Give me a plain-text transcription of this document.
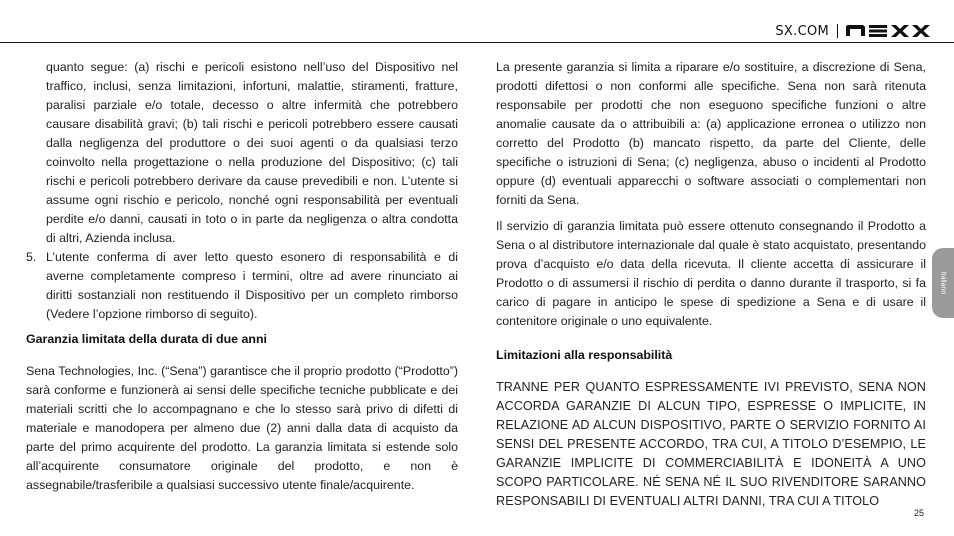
SX.COM

quanto segue: (a) rischi e pericoli esistono nell’uso del Dispositivo nel traffico, inclusi, senza limitazioni, infortuni, malattie, stiramenti, fratture, paralisi parziale e/o totale, decesso o altre infermità che potrebbero causare disabilità gravi; (b) tali rischi e pericoli potrebbero essere causati dalla negligenza del produttore o dei suoi agenti o da qualsiasi terzo coinvolto nella progettazione o nella produzione del Dispositivo; (c) tali rischi e pericoli potrebbero derivare da cause prevedibili e non. L’utente si assume ogni rischio e pericolo, nonché ogni responsabilità per eventuali perdite e/o danni, causati in toto o in parte da negligenza o altra condotta di altri, Azienda inclusa.

5. L’utente conferma di aver letto questo esonero di responsabilità e di averne completamente compreso i termini, oltre ad avere rinunciato ai diritti sostanziali non restituendo il Dispositivo per un completo rimborso (Vedere l’opzione rimborso di seguito).
Garanzia limitata della durata di due anni

Sena Technologies, Inc. (“Sena”) garantisce che il proprio prodotto (“Prodotto”) sarà conforme e funzionerà ai sensi delle specifiche tecniche pubblicate e dei materiali scritti che lo accompagnano e che lo stesso sarà privo di difetti di materiale e manodopera per almeno due (2) anni dalla data di acquisto da parte del primo acquirente del prodotto. La garanzia limitata si estende solo all’acquirente consumatore originale del prodotto, e non è assegnabile/trasferibile a qualsiasi successivo utente finale/acquirente.

La presente garanzia si limita a riparare e/o sostituire, a discrezione di Sena, prodotti difettosi o non conformi alle specifiche. Sena non sarà ritenuta responsabile per prodotti che non eseguono specifiche funzioni o altre anomalie causate da o attribuibili a: (a) applicazione erronea o utilizzo non corretto del Prodotto (b) mancato rispetto, da parte del Cliente, delle specifiche o istruzioni di Sena; (c) negligenza, abuso o incidenti al Prodotto oppure (d) eventuali apparecchi o software associati o complementari non forniti da Sena.

Il servizio di garanzia limitata può essere ottenuto consegnando il Prodotto a Sena o al distributore internazionale dal quale è stato acquistato, presentando prova d’acquisto e/o data della ricevuta. Il cliente accetta di assicurare il Prodotto o di assumersi il rischio di perdita o danno durante il trasporto, si fa carico di pagare in anticipo le spese di spedizione a Sena e di usare il contenitore originale o uno equivalente.

Limitazioni alla responsabilità

TRANNE PER QUANTO ESPRESSAMENTE IVI PREVISTO, SENA NON ACCORDA GARANZIE DI ALCUN TIPO, ESPRESSE O IMPLICITE, IN RELAZIONE AD ALCUN DISPOSITIVO, PARTE O SERVIZIO FORNITO AI SENSI DEL PRESENTE ACCORDO, TRA CUI, A TITOLO D’ESEMPIO, LE GARANZIE IMPLICITE DI COMMERCIABILITÀ E IDONEITÀ A UNO SCOPO PARTICOLARE. NÉ SENA NÉ IL SUO RIVENDITORE SARANNO RESPONSABILI DI EVENTUALI ALTRI DANNI, TRA CUI A TITOLO

Italiano
25
